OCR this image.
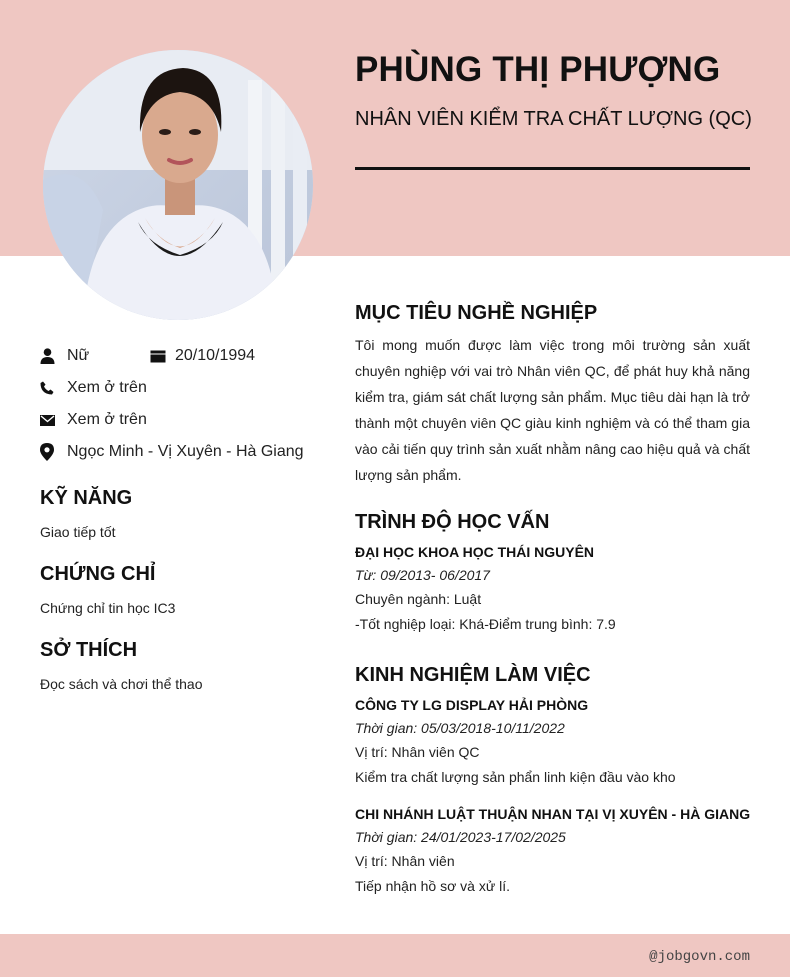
PHÙNG THỊ PHƯỢNG
NHÂN VIÊN KIỂM TRA CHẤT LƯỢNG (QC)
Nữ	20/10/1994
Xem ở trên
Xem ở trên
Ngọc Minh - Vị Xuyên - Hà Giang
KỸ NĂNG
Giao tiếp tốt
CHỨNG CHỈ
Chứng chỉ tin học IC3
SỞ THÍCH
Đọc sách và chơi thể thao
MỤC TIÊU NGHỀ NGHIỆP
Tôi mong muốn được làm việc trong môi trường sản xuất chuyên nghiệp với vai trò Nhân viên QC, để phát huy khả năng kiểm tra, giám sát chất lượng sản phẩm. Mục tiêu dài hạn là trở thành một chuyên viên QC giàu kinh nghiệm và có thể tham gia vào cải tiến quy trình sản xuất nhằm nâng cao hiệu quả và chất lượng sản phẩm.
TRÌNH ĐỘ HỌC VẤN
ĐẠI HỌC KHOA HỌC THÁI NGUYÊN
Từ: 09/2013- 06/2017
Chuyên ngành: Luật
-Tốt nghiệp loại: Khá-Điểm trung bình: 7.9
KINH NGHIỆM LÀM VIỆC
CÔNG TY LG DISPLAY HẢI PHÒNG
Thời gian: 05/03/2018-10/11/2022
Vị trí: Nhân viên QC
Kiểm tra chất lượng sản phẩn linh kiện đầu vào kho
CHI NHÁNH LUẬT THUẬN NHAN TẠI VỊ XUYÊN - HÀ GIANG
Thời gian: 24/01/2023-17/02/2025
Vị trí: Nhân viên
Tiếp nhận hồ sơ và xử lí.
@jobgovn.com
